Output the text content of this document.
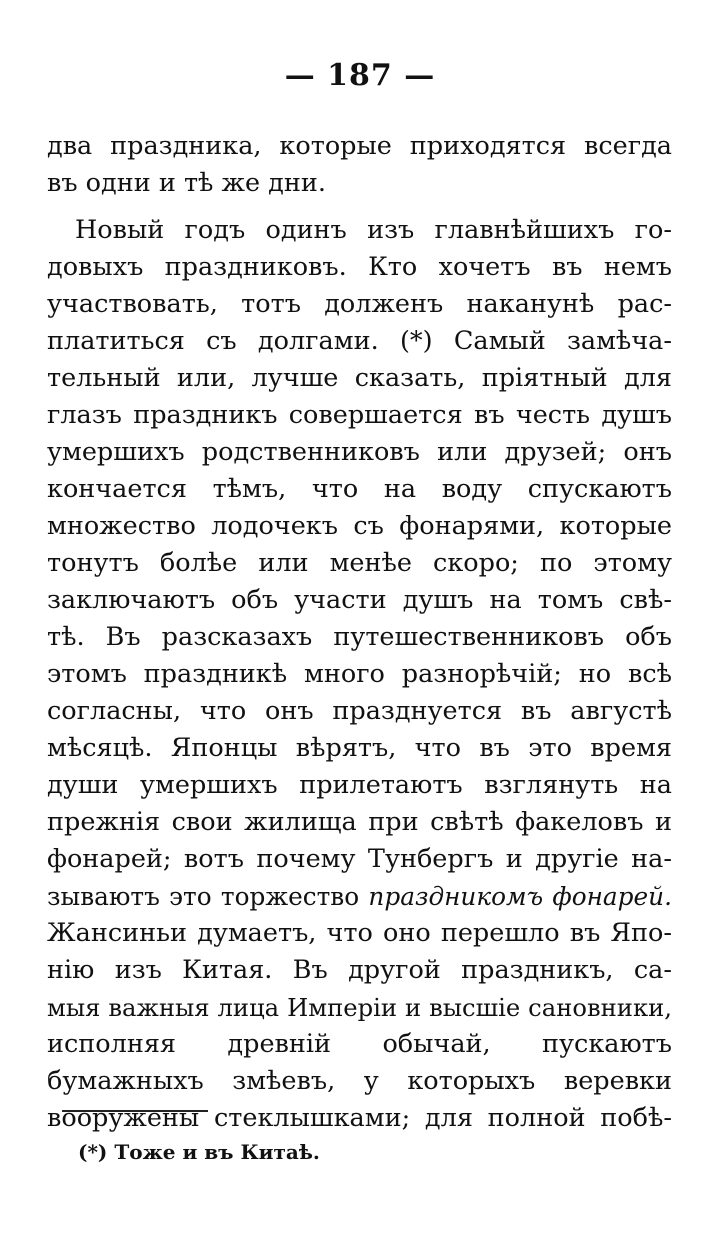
— 187 —
два праздника, которые приходятся всегда
въ одни и тѣ же дни.
Новый годъ одинъ изъ главнѣйшихъ го-
довыхъ праздниковъ. Кто хочетъ въ немъ
участвовать, тотъ долженъ наканунѣ рас-
платиться съ долгами. (*) Самый замѣча-
тельный или, лучше сказать, пріятный для
глазъ праздникъ совершается въ честь душъ
умершихъ родственниковъ или друзей; онъ
кончается тѣмъ, что на воду спускаютъ
множество лодочекъ съ фонарями, которые
тонутъ болѣе или менѣе скоро; по этому
заключаютъ объ участи душъ на томъ свѣ-
тѣ. Въ разсказахъ путешественниковъ объ
этомъ праздникѣ много разнорѣчій; но всѣ
согласны, что онъ празднуется въ августѣ
мѣсяцѣ. Японцы вѣрятъ, что въ это время
души умершихъ прилетаютъ взглянуть на
прежнія свои жилища при свѣтѣ факеловъ и
фонарей; вотъ почему Тунбергъ и другіе на-
зываютъ это торжество праздникомъ фонарей.
Жансиньи думаетъ, что оно перешло въ Япо-
нію изъ Китая. Въ другой праздникъ, са-
мыя важныя лица Имперіи и высшіе сановники,
исполняя древній обычай, пускаютъ
бумажныхъ змѣевъ, у которыхъ веревки
вооружены стеклышками; для полной побѣ-
(*) Тоже и въ Китаѣ.
